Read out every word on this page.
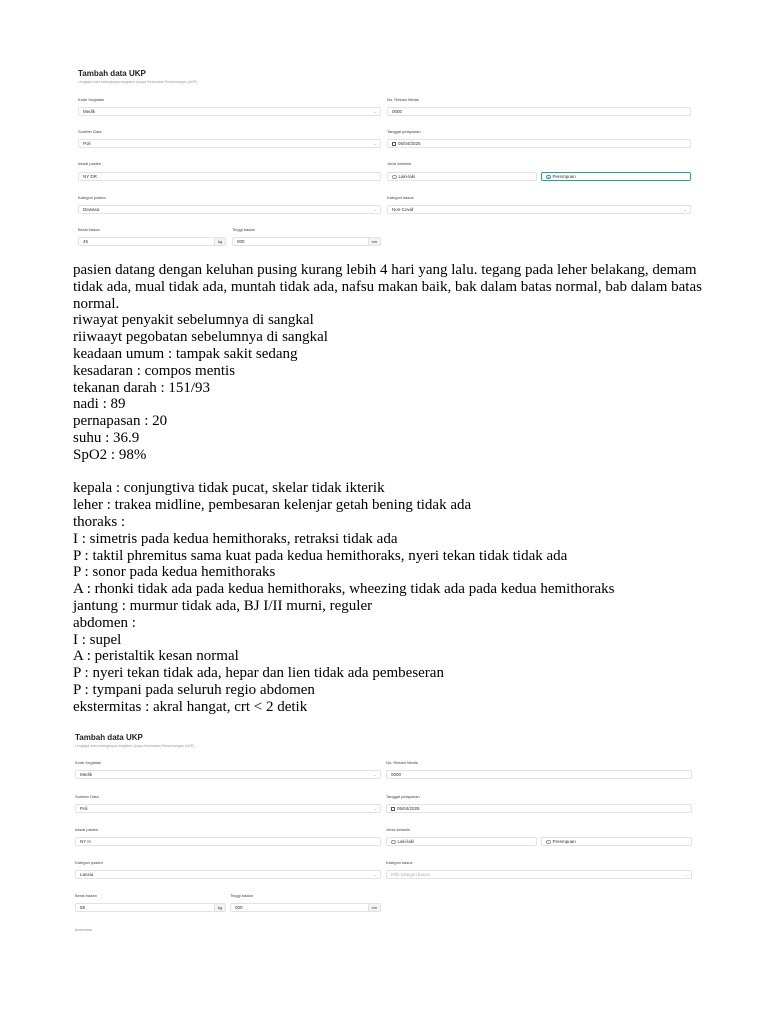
Tambah data UKP
Lengkapi data kelengkapan kegiatan Upaya Kesehatan Perseorangan (UKP)
Kode Kegiatan
Medik	⌄
No. Rekam Medis
0000
Sumber Data
Poli	⌄
Tanggal pelayanan
05/04/2025
Inisial pasien
NY DR
Jenis kelamin
Laki-laki	Perempuan
Kategori pasien
Dewasa	⌄
Kategori kasus
Non-Covid	⌄
Berat badan
45	kg
Tinggi badan
000	cm

pasien datang dengan keluhan pusing kurang lebih 4 hari yang lalu. tegang pada leher belakang, demam tidak ada, mual tidak ada, muntah tidak ada, nafsu makan baik, bak dalam batas normal, bab dalam batas normal.

riwayat penyakit sebelumnya di sangkal

riiwaayt pegobatan sebelumnya di sangkal

keadaan umum : tampak sakit sedang

kesadaran : compos mentis

tekanan darah : 151/93

nadi : 89

pernapasan : 20

suhu : 36.9

SpO2 : 98%

kepala : conjungtiva tidak pucat, skelar tidak ikterik

leher : trakea midline, pembesaran kelenjar getah bening tidak ada

thoraks :

I : simetris pada kedua hemithoraks, retraksi tidak ada

P : taktil phremitus sama kuat pada kedua hemithoraks, nyeri tekan tidak tidak ada

P : sonor pada kedua hemithoraks

A : rhonki tidak ada pada kedua hemithoraks, wheezing tidak ada pada kedua hemithoraks

jantung : murmur tidak ada, BJ I/II murni, reguler

abdomen :

I : supel

A : peristaltik kesan normal

P : nyeri tekan tidak ada, hepar dan lien tidak ada pembeseran

P : tympani pada seluruh regio abdomen

ekstermitas : akral hangat, crt < 2 detik

Tambah data UKP
Lengkapi data kelengkapan kegiatan Upaya Kesehatan Perseorangan (UKP)
Kode Kegiatan
Medik	⌄
No. Rekam Medis
0000
Sumber Data
Poli	⌄
Tanggal pelayanan
05/04/2025
Inisial pasien
NY H
Jenis kelamin
Laki-laki	Perempuan
Kategori pasien
Lansia	⌄
Kategori kasus
Pilih kategori kasus	⌄
Berat badan
58	kg
Tinggi badan
000	cm
Anamnesa
